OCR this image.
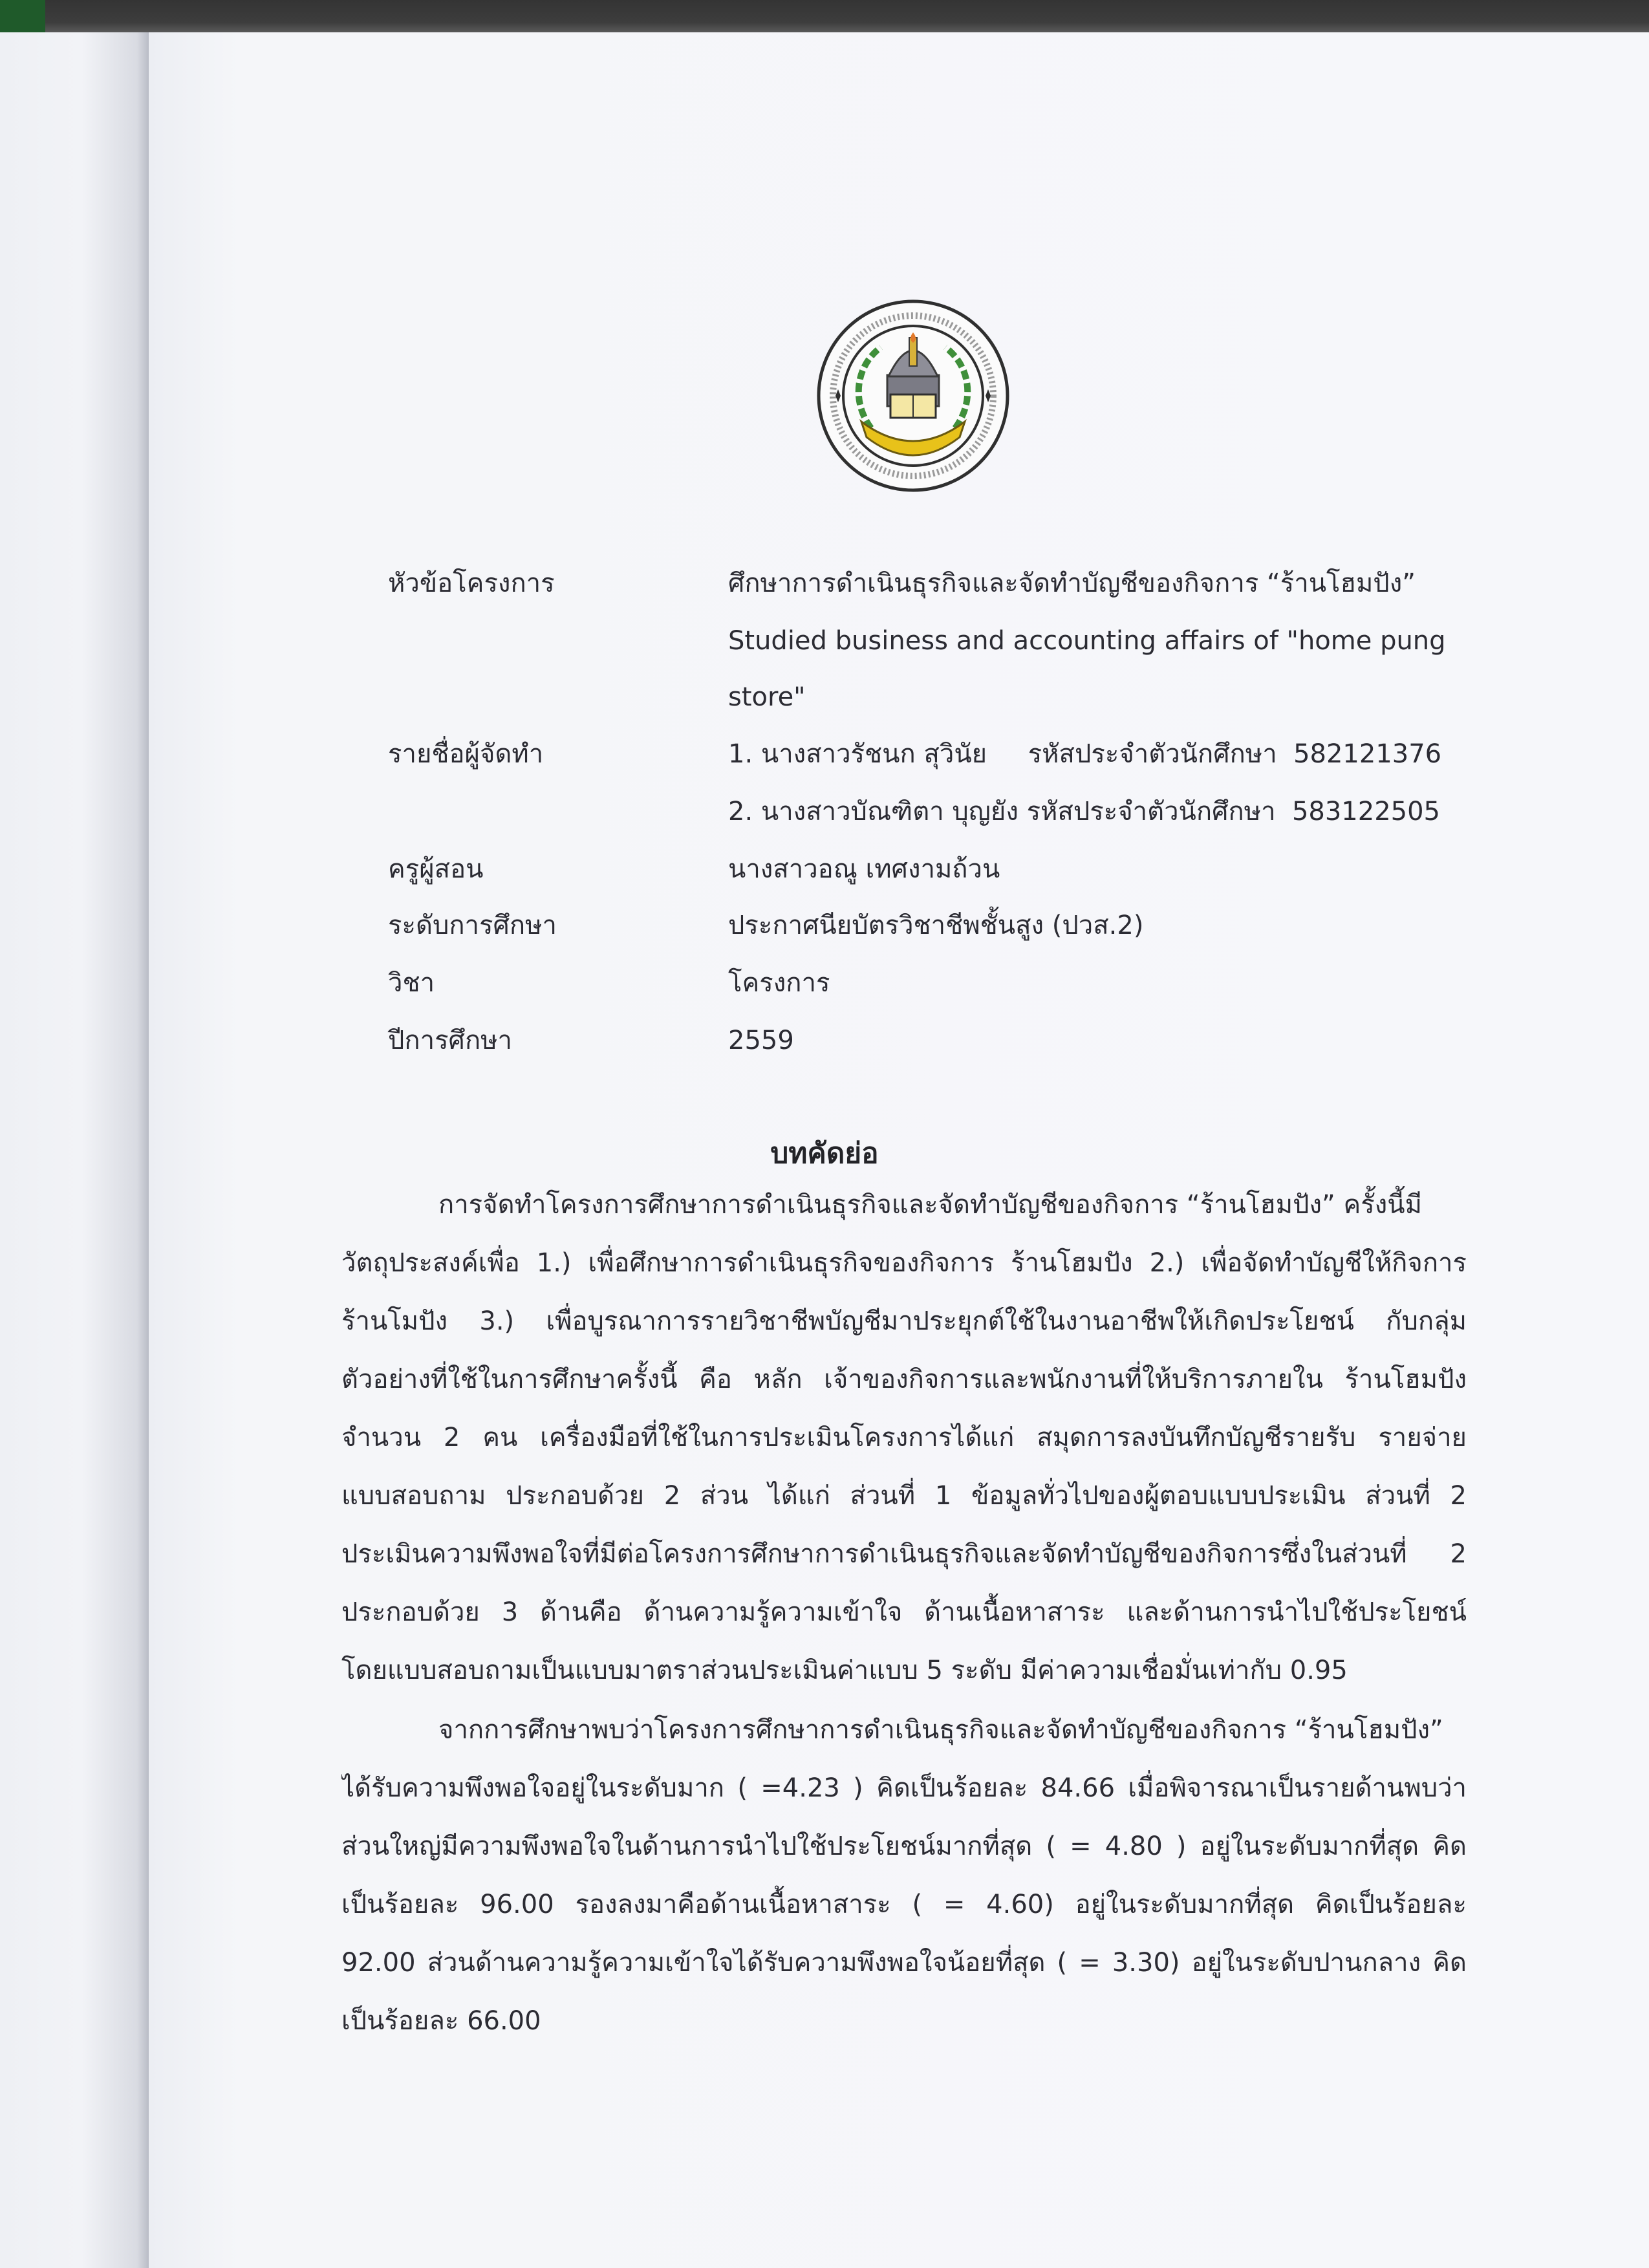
หัวข้อโครงการ	ศึกษาการดำเนินธุรกิจและจัดทำบัญชีของกิจการ “ร้านโฮมปัง”
Studied business and accounting affairs of "home pung
store"
รายชื่อผู้จัดทำ	1. นางสาวรัชนก สุวินัย     รหัสประจำตัวนักศึกษา  582121376
2. นางสาวบัณฑิตา บุญยัง รหัสประจำตัวนักศึกษา  583122505
ครูผู้สอน	นางสาวอณู เทศงามถ้วน
ระดับการศึกษา	ประกาศนียบัตรวิชาชีพชั้นสูง (ปวส.2)
วิชา	โครงการ
ปีการศึกษา	2559
บทคัดย่อ
การจัดทำโครงการศึกษาการดำเนินธุรกิจและจัดทำบัญชีของกิจการ “ร้านโฮมปัง” ครั้งนี้มี
วัตถุประสงค์เพื่อ 1.) เพื่อศึกษาการดำเนินธุรกิจของกิจการ ร้านโฮมปัง 2.) เพื่อจัดทำบัญชีให้กิจการ
ร้านโมปัง 3.) เพื่อบูรณาการรายวิชาชีพบัญชีมาประยุกต์ใช้ในงานอาชีพให้เกิดประโยชน์ กับกลุ่ม
ตัวอย่างที่ใช้ในการศึกษาครั้งนี้ คือ หลัก เจ้าของกิจการและพนักงานที่ให้บริการภายใน ร้านโฮมปัง
จำนวน 2 คน เครื่องมือที่ใช้ในการประเมินโครงการได้แก่ สมุดการลงบันทึกบัญชีรายรับ รายจ่าย
แบบสอบถาม ประกอบด้วย 2 ส่วน ได้แก่ ส่วนที่ 1 ข้อมูลทั่วไปของผู้ตอบแบบประเมิน ส่วนที่ 2
ประเมินความพึงพอใจที่มีต่อโครงการศึกษาการดำเนินธุรกิจและจัดทำบัญชีของกิจการซึ่งในส่วนที่ 2
ประกอบด้วย 3 ด้านคือ ด้านความรู้ความเข้าใจ ด้านเนื้อหาสาระ และด้านการนำไปใช้ประโยชน์
โดยแบบสอบถามเป็นแบบมาตราส่วนประเมินค่าแบบ 5 ระดับ มีค่าความเชื่อมั่นเท่ากับ 0.95
จากการศึกษาพบว่าโครงการศึกษาการดำเนินธุรกิจและจัดทำบัญชีของกิจการ “ร้านโฮมปัง”
ได้รับความพึงพอใจอยู่ในระดับมาก ( =4.23 ) คิดเป็นร้อยละ 84.66 เมื่อพิจารณาเป็นรายด้านพบว่า
ส่วนใหญ่มีความพึงพอใจในด้านการนำไปใช้ประโยชน์มากที่สุด ( = 4.80 ) อยู่ในระดับมากที่สุด คิด
เป็นร้อยละ 96.00 รองลงมาคือด้านเนื้อหาสาระ ( = 4.60) อยู่ในระดับมากที่สุด คิดเป็นร้อยละ
92.00 ส่วนด้านความรู้ความเข้าใจได้รับความพึงพอใจน้อยที่สุด ( = 3.30) อยู่ในระดับปานกลาง คิด
เป็นร้อยละ 66.00
